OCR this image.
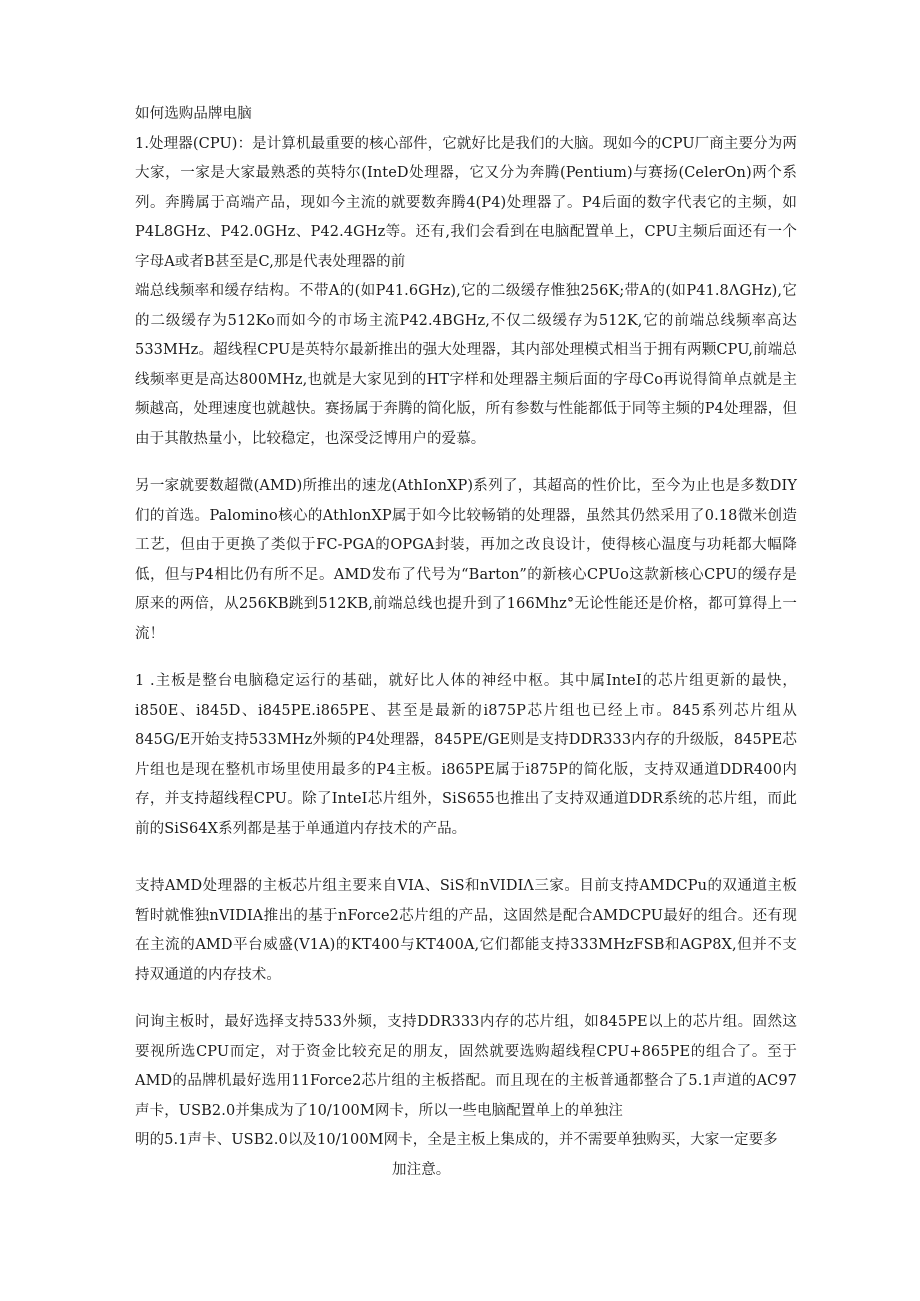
如何选购品牌电脑

1.处理器(CPU)：是计算机最重要的核心部件，它就好比是我们的大脑。现如今的CPU厂商主要分为两大家，一家是大家最熟悉的英特尔(InteD处理器，它又分为奔腾(Pentium)与赛扬(CelerOn)两个系列。奔腾属于高端产品，现如今主流的就要数奔腾4(P4)处理器了。P4后面的数字代表它的主频，如P4L8GHz、P42.0GHz、P42.4GHz等。还有,我们会看到在电脑配置单上，CPU主频后面还有一个字母A或者B甚至是C,那是代表处理器的前

端总线频率和缓存结构。不带A的(如P41.6GHz),它的二级缓存惟独256K;带A的(如P41.8ΛGHz),它的二级缓存为512Ko而如今的市场主流P42.4BGHz,不仅二级缓存为512K,它的前端总线频率高达533MHz。超线程CPU是英特尔最新推出的强大处理器，其内部处理模式相当于拥有两颗CPU,前端总线频率更是高达800MHz,也就是大家见到的HT字样和处理器主频后面的字母Co再说得简单点就是主频越高，处理速度也就越快。赛扬属于奔腾的简化版，所有参数与性能都低于同等主频的P4处理器，但由于其散热量小，比较稳定，也深受泛博用户的爱慕。

另一家就要数超微(AMD)所推出的速龙(AthIonXP)系列了，其超高的性价比，至今为止也是多数DIY们的首选。Palomino核心的AthlonXP属于如今比较畅销的处理器，虽然其仍然采用了0.18微米创造工艺，但由于更换了类似于FC-PGA的OPGA封装，再加之改良设计，使得核心温度与功耗都大幅降低，但与P4相比仍有所不足。AMD发布了代号为“Barton”的新核心CPUo这款新核心CPU的缓存是原来的两倍，从256KB跳到512KB,前端总线也提升到了166Mhz°无论性能还是价格，都可算得上一流！

1 .主板是整台电脑稳定运行的基础，就好比人体的神经中枢。其中属InteI的芯片组更新的最快，i850E、i845D、i845PE.i865PE、甚至是最新的i875P芯片组也已经上市。845系列芯片组从845G/E开始支持533MHz外频的P4处理器，845PE/GE则是支持DDR333内存的升级版，845PE芯片组也是现在整机市场里使用最多的P4主板。i865PE属于i875P的简化版，支持双通道DDR400内存，并支持超线程CPU。除了InteI芯片组外，SiS655也推出了支持双通道DDR系统的芯片组，而此前的SiS64X系列都是基于单通道内存技术的产品。

支持AMD处理器的主板芯片组主要来自VIA、SiS和nVIDIΛ三家。目前支持AMDCPu的双通道主板暂时就惟独nVIDIA推出的基于nForce2芯片组的产品，这固然是配合AMDCPU最好的组合。还有现在主流的AMD平台威盛(V1A)的KT400与KT400A,它们都能支持333MHzFSB和AGP8X,但并不支持双通道的内存技术。

问询主板时，最好选择支持533外频，支持DDR333内存的芯片组，如845PE以上的芯片组。固然这要视所选CPU而定，对于资金比较充足的朋友，固然就要选购超线程CPU+865PE的组合了。至于AMD的品牌机最好选用11Force2芯片组的主板搭配。而且现在的主板普通都整合了5.1声道的AC97声卡，USB2.0并集成为了10/100M网卡，所以一些电脑配置单上的单独注

明的5.1声卡、USB2.0以及10/100M网卡，全是主板上集成的，并不需要单独购买，大家一定要多

加注意。
